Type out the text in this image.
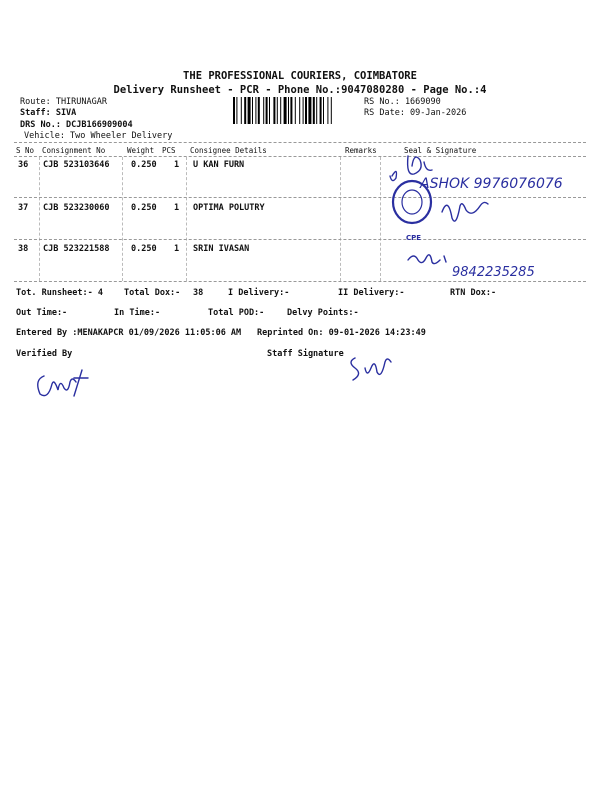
THE PROFESSIONAL COURIERS, COIMBATORE
Delivery Runsheet - PCR - Phone No.:9047080280 - Page No.:4
Route: THIRUNAGAR
Staff: SIVA
DRS No.: DCJB166909004
Vehicle: Two Wheeler Delivery
RS No.: 1669090
RS Date: 09-Jan-2026
S No Consignment No	Weight PCS Consignee Details	Remarks	Seal & Signature
36 CJB 523103646	0.250 1 U KAN FURN
37 CJB 523230060	0.250 1 OPTIMA POLUTRY
38 CJB 523221588	0.250 1 SRIN IVASAN
Tot. Runsheet:- 4 Total Dox:- 38	I Delivery:-	II Delivery:-	RTN Dox:-
Out Time:-	In Time:-	Total POD:-	Delvy Points:-
Entered By :MENAKAPCR 01/09/2026 11:05:06 AM Reprinted On: 09-01-2026 14:23:49
Verified By	Staff Signature
ASHOK 9976076076
CPE
9842235285
